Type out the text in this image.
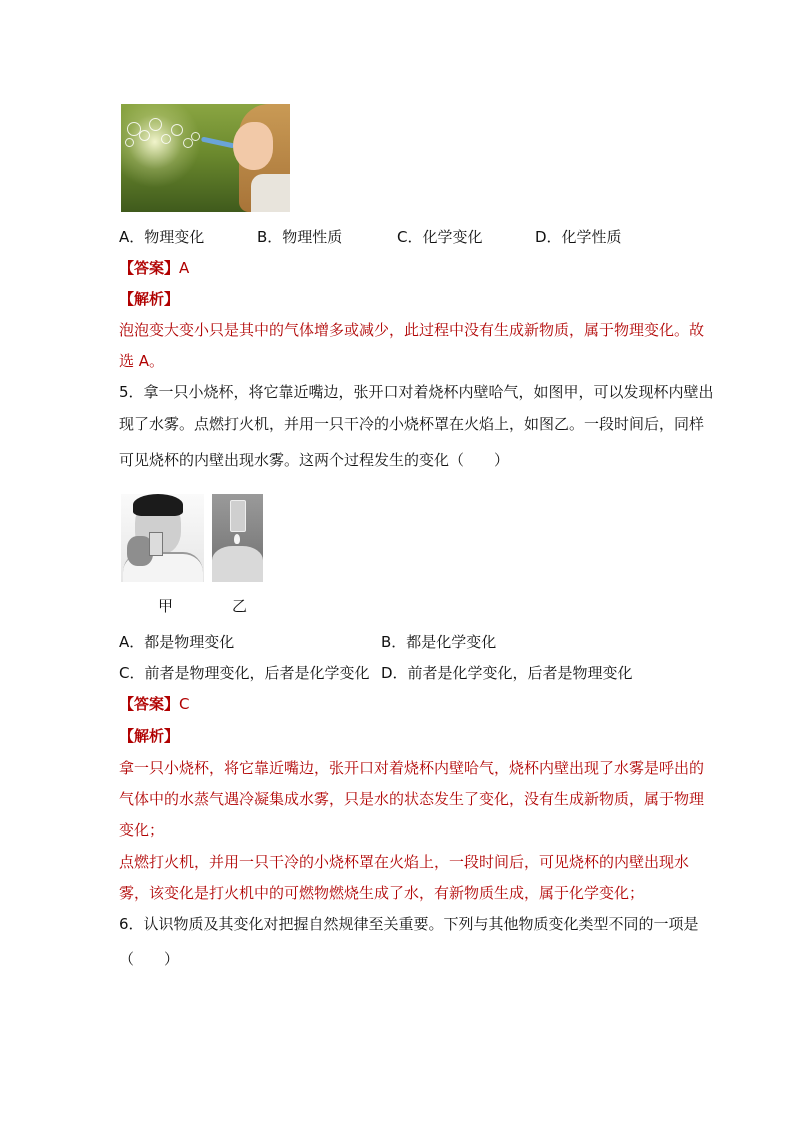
A．物理变化	B．物理性质	C．化学变化	D．化学性质
【答案】A
【解析】
泡泡变大变小只是其中的气体增多或减少，此过程中没有生成新物质，属于物理变化。故
选 A。
5．拿一只小烧杯，将它靠近嘴边，张开口对着烧杯内壁哈气，如图甲，可以发现杯内壁出
现了水雾。点燃打火机，并用一只干冷的小烧杯罩在火焰上，如图乙。一段时间后，同样
可见烧杯的内壁出现水雾。这两个过程发生的变化（　　）
甲	乙
A．都是物理变化	B．都是化学变化
C．前者是物理变化，后者是化学变化 D．前者是化学变化，后者是物理变化
【答案】C
【解析】
拿一只小烧杯，将它靠近嘴边，张开口对着烧杯内壁哈气，烧杯内壁出现了水雾是呼出的
气体中的水蒸气遇冷凝集成水雾，只是水的状态发生了变化，没有生成新物质，属于物理
变化；
点燃打火机，并用一只干冷的小烧杯罩在火焰上，一段时间后，可见烧杯的内壁出现水
雾，该变化是打火机中的可燃物燃烧生成了水，有新物质生成，属于化学变化；
6．认识物质及其变化对把握自然规律至关重要。下列与其他物质变化类型不同的一项是
（　　）
